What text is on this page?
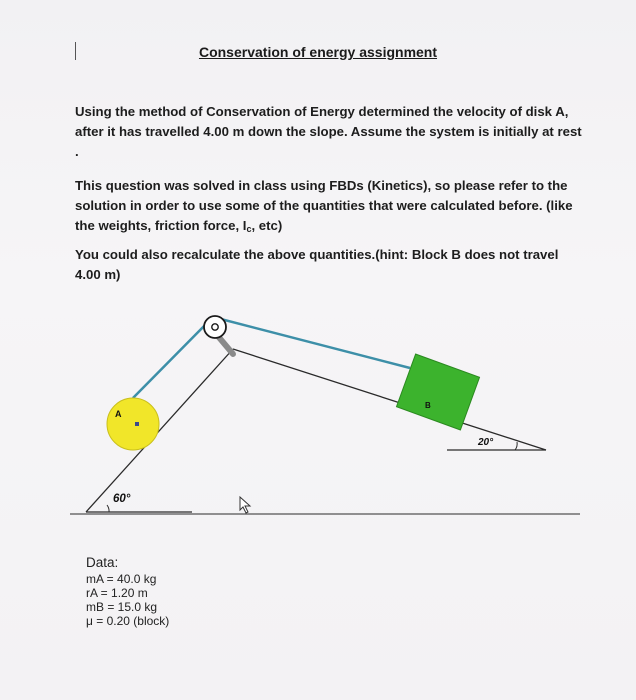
Conservation of energy assignment
Using the method of Conservation of Energy determined the velocity of disk A, after it has travelled 4.00 m down the slope. Assume the system is initially at rest .
This question was solved in class using FBDs (Kinetics), so please refer to the solution in order to use some of the quantities that were calculated before. (like the weights, friction force, $I_c$, etc)
You could also recalculate the above quantities.(hint: Block B does not travel 4.00 m)
A
B
20°
60°
Data:
mA = 40.0 kg
rA = 1.20 m
mB = 15.0 kg
μ = 0.20 (block)
